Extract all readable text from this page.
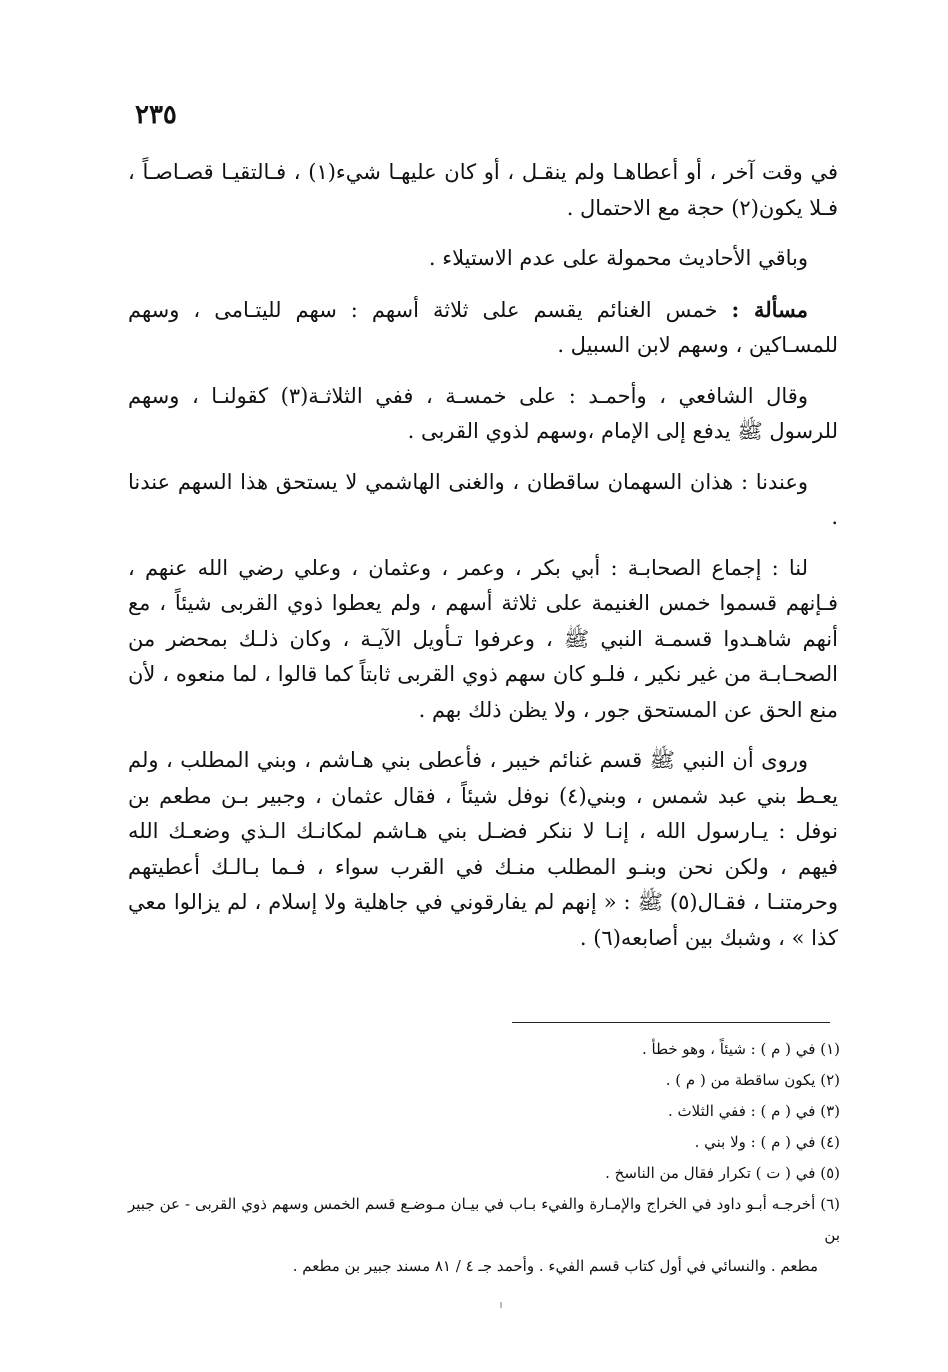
٢٣٥

في وقت آخر ، أو أعطاهـا ولم ينقـل ، أو كان عليهـا شيء(١) ، فـالتقيـا قصـاصـاً ، فـلا يكون(٢) حجة مع الاحتمال .

وباقي الأحاديث محمولة على عدم الاستيلاء .

مسألة : خمس الغنائم يقسم على ثلاثة أسهم : سهم لليتـامى ، وسهم للمسـاكين ، وسهم لابن السبيل .

وقال الشافعي ، وأحمـد : على خمسـة ، ففي الثلاثـة(٣) كقولنـا ، وسهم للرسول ﷺ يدفع إلى الإمام ،وسهم لذوي القربى .

وعندنا : هذان السهمان ساقطان ، والغنى الهاشمي لا يستحق هذا السهم عندنا .

لنا : إجماع الصحابـة : أبي بكر ، وعمر ، وعثمان ، وعلي رضي الله عنهم ، فـإنهم قسموا خمس الغنيمة على ثلاثة أسهم ، ولم يعطوا ذوي القربى شيئاً ، مع أنهم شاهـدوا قسمـة النبي ﷺ ، وعرفوا تـأويل الآيـة ، وكان ذلـك بمحضر من الصحـابـة من غير نكير ، فلـو كان سهم ذوي القربى ثابتاً كما قالوا ، لما منعوه ، لأن منع الحق عن المستحق جور ، ولا يظن ذلك بهم .

وروى أن النبي ﷺ قسم غنائم خيبر ، فأعطى بني هـاشم ، وبني المطلب ، ولم يعـط بني عبد شمس ، وبني(٤) نوفل شيئاً ، فقال عثمان ، وجبير بـن مطعم بن نوفل : يـارسول الله ، إنـا لا ننكر فضـل بني هـاشم لمكانـك الـذي وضعـك الله فيهم ، ولكن نحن وبنـو المطلب منـك في القرب سواء ، فـما بـالـك أعطيتهم وحرمتنـا ، فقـال(٥) ﷺ : « إنهم لم يفارقوني في جاهلية ولا إسلام ، لم يزالوا معي كذا » ، وشبك بين أصابعه(٦) .

(١) في ( م ) : شيئاً ، وهو خطأ .

(٢) يكون ساقطة من ( م ) .

(٣) في ( م ) : ففي الثلاث .

(٤) في ( م ) : ولا بني .

(٥) في ( ت ) تكرار فقال من الناسخ .

(٦) أخرجـه أبـو داود في الخراج والإمـارة والفيء بـاب في بيـان مـوضـع قسم الخمس وسهم ذوي القربى - عن جبير بن

مطعم . والنسائي في أول كتاب قسم الفيء . وأحمد جـ ٤ / ٨١ مسند جبير بن مطعم .
